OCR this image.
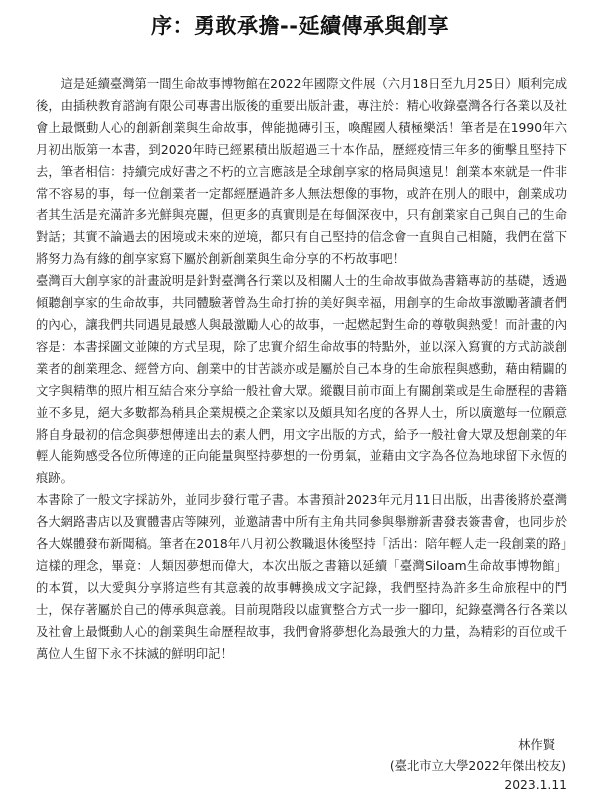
序：勇敢承擔--延續傳承與創享

這是延續臺灣第一間生命故事博物館在2022年國際文件展（六月18日至九月25日）順利完成後，由插秧教育諮詢有限公司專書出版後的重要出版計畫，專注於：精心收錄臺灣各行各業以及社會上最慨動人心的創新創業與生命故事，俾能拋磚引玉，喚醒國人積極樂活！筆者是在1990年六月初出版第一本書，到2020年時已經累積出版超過三十本作品，歷經疫情三年多的衝擊且堅持下去，筆者相信：持續完成好書之不朽的立言應該是全球創享家的格局與遠見！創業本來就是一件非常不容易的事，每一位創業者一定都經歷過許多人無法想像的事物，或許在別人的眼中，創業成功者其生活是充滿許多光鮮與亮麗，但更多的真實則是在每個深夜中，只有創業家自己與自己的生命對話；其實不論過去的困境或未來的逆境，都只有自己堅持的信念會一直與自己相隨，我們在當下將努力為有緣的創享家寫下屬於創新創業與生命分享的不朽故事吧！

臺灣百大創享家的計畫說明是針對臺灣各行業以及相關人士的生命故事做為書籍專訪的基礎，透過傾聽創享家的生命故事，共同體驗著曾為生命打拚的美好與幸福，用創享的生命故事激勵著讀者們的內心，讓我們共同遇見最感人與最激勵人心的故事，一起燃起對生命的尊敬與熱愛！而計畫的內容是：本書採圖文並陳的方式呈現，除了忠實介紹生命故事的特點外，並以深入寫實的方式訪談創業者的創業理念、經營方向、創業中的甘苦談亦或是屬於自己本身的生命旅程與感動，藉由精闢的文字與精準的照片相互結合來分享給一般社會大眾。縱觀目前市面上有關創業或是生命歷程的書籍並不多見，絕大多數都為稍具企業規模之企業家以及頗具知名度的各界人士，所以廣邀每一位願意將自身最初的信念與夢想傳達出去的素人們，用文字出版的方式，給予一般社會大眾及想創業的年輕人能夠感受各位所傳達的正向能量與堅持夢想的一份勇氣，並藉由文字為各位為地球留下永恆的痕跡。

本書除了一般文字採訪外，並同步發行電子書。本書預計2023年元月11日出版，出書後將於臺灣各大網路書店以及實體書店等陳列，並邀請書中所有主角共同參與舉辦新書發表簽書會，也同步於各大媒體發布新聞稿。筆者在2018年八月初公教職退休後堅持「活出：陪年輕人走一段創業的路」這樣的理念，畢竟：人類因夢想而偉大，本次出版之書籍以延續「臺灣Siloam生命故事博物館」的本質，以大愛與分享將這些有其意義的故事轉換成文字記錄，我們堅持為許多生命旅程中的鬥士，保存著屬於自己的傳承與意義。目前現階段以虛實整合方式一步一腳印，紀錄臺灣各行各業以及社會上最慨動人心的創業與生命歷程故事，我們會將夢想化為最強大的力量，為精彩的百位或千萬位人生留下永不抹滅的鮮明印記！

林作賢
(臺北市立大學2022年傑出校友)
2023.1.11
